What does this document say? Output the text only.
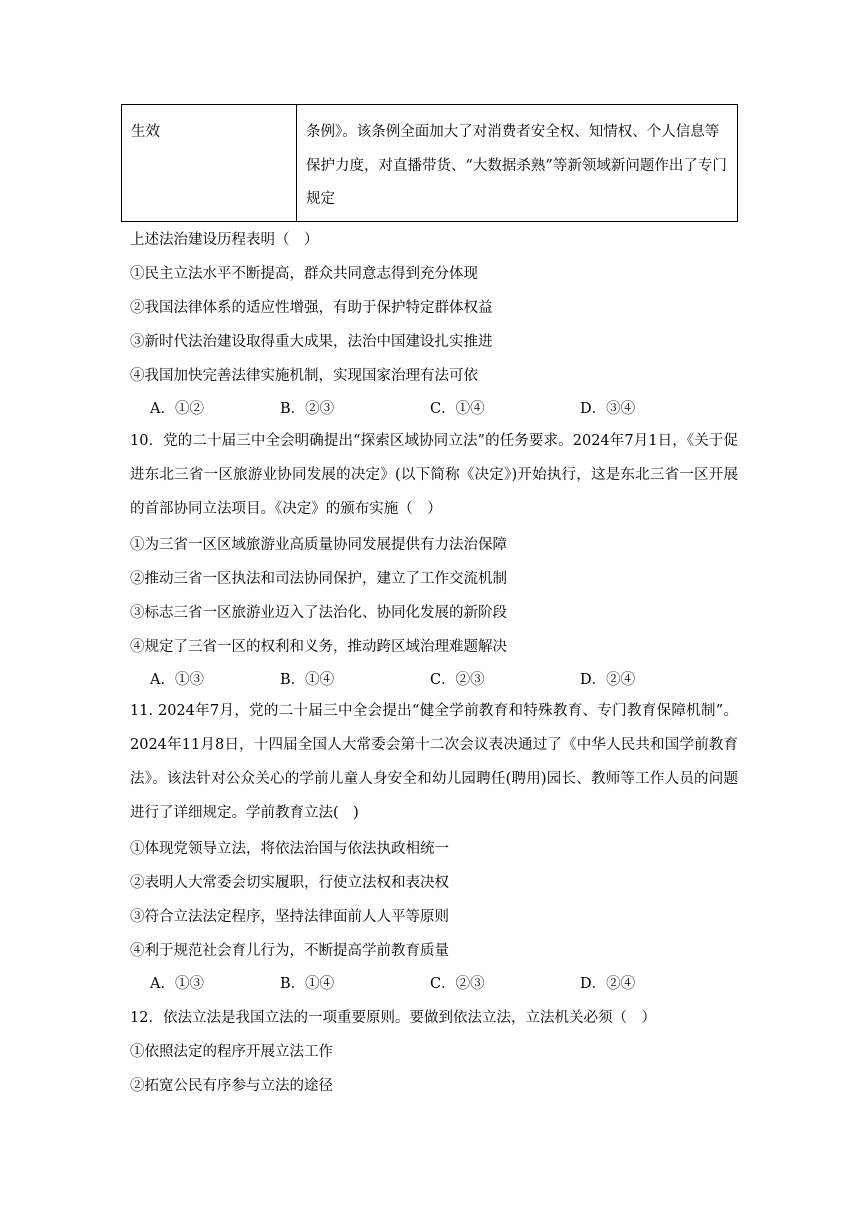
生效	条例》。该条例全面加大了对消费者安全权、知情权、个人信息等保护力度，对直播带货、“大数据杀熟”等新领域新问题作出了专门规定
上述法治建设历程表明（　）
①民主立法水平不断提高，群众共同意志得到充分体现
②我国法律体系的适应性增强，有助于保护特定群体权益
③新时代法治建设取得重大成果，法治中国建设扎实推进
④我国加快完善法律实施机制，实现国家治理有法可依
A．①②	B．②③	C．①④	D．③④
10．党的二十届三中全会明确提出“探索区域协同立法”的任务要求。2024年7月1日，《关于促进东北三省一区旅游业协同发展的决定》(以下简称《决定》)开始执行，这是东北三省一区开展的首部协同立法项目。《决定》的颁布实施（　）
①为三省一区区域旅游业高质量协同发展提供有力法治保障
②推动三省一区执法和司法协同保护，建立了工作交流机制
③标志三省一区旅游业迈入了法治化、协同化发展的新阶段
④规定了三省一区的权利和义务，推动跨区域治理难题解决
A．①③	B．①④	C．②③	D．②④
11. 2024年7月，党的二十届三中全会提出“健全学前教育和特殊教育、专门教育保障机制”。2024年11月8日，十四届全国人大常委会第十二次会议表决通过了《中华人民共和国学前教育法》。该法针对公众关心的学前儿童人身安全和幼儿园聘任(聘用)园长、教师等工作人员的问题进行了详细规定。学前教育立法(　)
①体现党领导立法，将依法治国与依法执政相统一
②表明人大常委会切实履职，行使立法权和表决权
③符合立法法定程序，坚持法律面前人人平等原则
④利于规范社会育儿行为，不断提高学前教育质量
A．①③	B．①④	C．②③	D．②④
12．依法立法是我国立法的一项重要原则。要做到依法立法，立法机关必须（　）
①依照法定的程序开展立法工作
②拓宽公民有序参与立法的途径
